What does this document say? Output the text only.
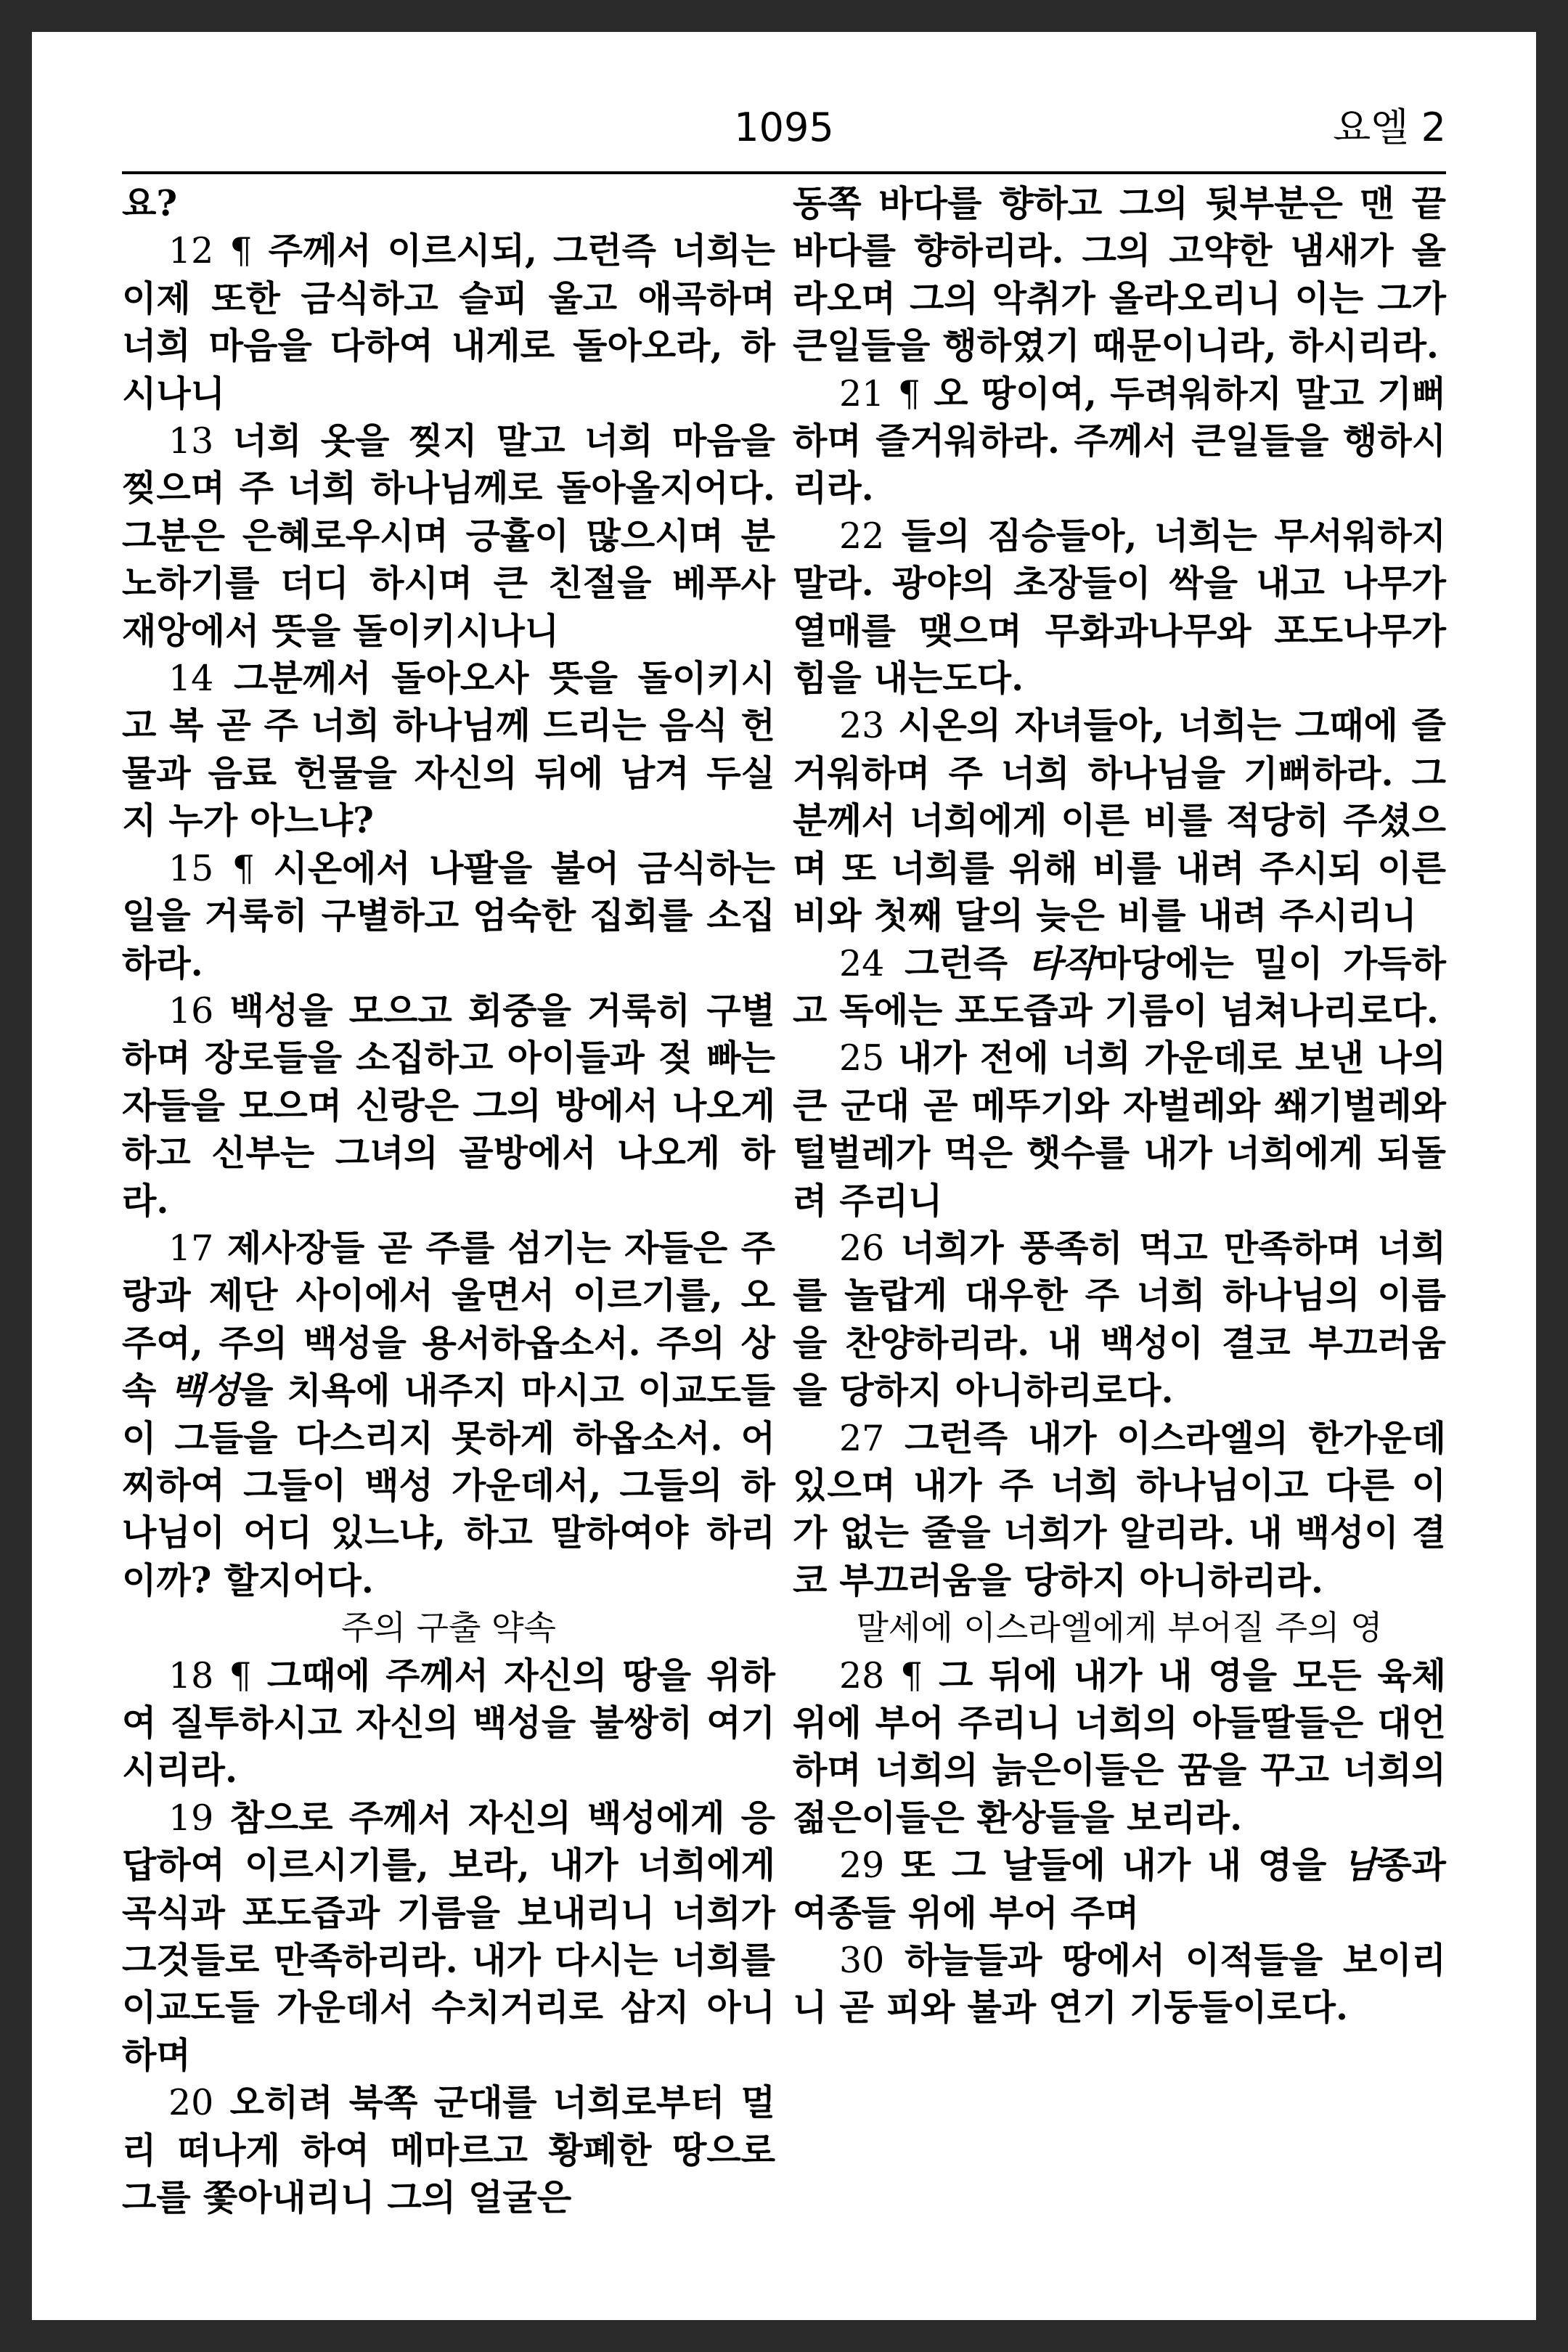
1095	요엘 2

요?

12 ¶ 주께서 이르시되, 그런즉 너희는 이제 또한 금식하고 슬피 울고 애곡하며 너희 마음을 다하여 내게로 돌아오라, 하시나니

13 너희 옷을 찢지 말고 너희 마음을 찢으며 주 너희 하나님께로 돌아올지어다. 그분은 은혜로우시며 긍휼이 많으시며 분노하기를 더디 하시며 큰 친절을 베푸사 재앙에서 뜻을 돌이키시나니

14 그분께서 돌아오사 뜻을 돌이키시고 복 곧 주 너희 하나님께 드리는 음식 헌물과 음료 헌물을 자신의 뒤에 남겨 두실지 누가 아느냐?

15 ¶ 시온에서 나팔을 불어 금식하는 일을 거룩히 구별하고 엄숙한 집회를 소집하라.

16 백성을 모으고 회중을 거룩히 구별하며 장로들을 소집하고 아이들과 젖 빠는 자들을 모으며 신랑은 그의 방에서 나오게 하고 신부는 그녀의 골방에서 나오게 하라.

17 제사장들 곧 주를 섬기는 자들은 주랑과 제단 사이에서 울면서 이르기를, 오 주여, 주의 백성을 용서하옵소서. 주의 상속 백성을 치욕에 내주지 마시고 이교도들이 그들을 다스리지 못하게 하옵소서. 어찌하여 그들이 백성 가운데서, 그들의 하나님이 어디 있느냐, 하고 말하여야 하리이까? 할지어다.

주의 구출 약속

18 ¶ 그때에 주께서 자신의 땅을 위하여 질투하시고 자신의 백성을 불쌍히 여기시리라.

19 참으로 주께서 자신의 백성에게 응답하여 이르시기를, 보라, 내가 너희에게 곡식과 포도즙과 기름을 보내리니 너희가 그것들로 만족하리라. 내가 다시는 너희를 이교도들 가운데서 수치거리로 삼지 아니하며

20 오히려 북쪽 군대를 너희로부터 멀리 떠나게 하여 메마르고 황폐한 땅으로 그를 쫓아내리니 그의 얼굴은

동쪽 바다를 향하고 그의 뒷부분은 맨 끝 바다를 향하리라. 그의 고약한 냄새가 올라오며 그의 악취가 올라오리니 이는 그가 큰일들을 행하였기 때문이니라, 하시리라.

21 ¶ 오 땅이여, 두려워하지 말고 기뻐하며 즐거워하라. 주께서 큰일들을 행하시리라.

22 들의 짐승들아, 너희는 무서워하지 말라. 광야의 초장들이 싹을 내고 나무가 열매를 맺으며 무화과나무와 포도나무가 힘을 내는도다.

23 시온의 자녀들아, 너희는 그때에 즐거워하며 주 너희 하나님을 기뻐하라. 그분께서 너희에게 이른 비를 적당히 주셨으며 또 너희를 위해 비를 내려 주시되 이른 비와 첫째 달의 늦은 비를 내려 주시리니

24 그런즉 타작마당에는 밀이 가득하고 독에는 포도즙과 기름이 넘쳐나리로다.

25 내가 전에 너희 가운데로 보낸 나의 큰 군대 곧 메뚜기와 자벌레와 쐐기벌레와 털벌레가 먹은 햇수를 내가 너희에게 되돌려 주리니

26 너희가 풍족히 먹고 만족하며 너희를 놀랍게 대우한 주 너희 하나님의 이름을 찬양하리라. 내 백성이 결코 부끄러움을 당하지 아니하리로다.

27 그런즉 내가 이스라엘의 한가운데 있으며 내가 주 너희 하나님이고 다른 이가 없는 줄을 너희가 알리라. 내 백성이 결코 부끄러움을 당하지 아니하리라.

말세에 이스라엘에게 부어질 주의 영

28 ¶ 그 뒤에 내가 내 영을 모든 육체 위에 부어 주리니 너희의 아들딸들은 대언하며 너희의 늙은이들은 꿈을 꾸고 너희의 젊은이들은 환상들을 보리라.

29 또 그 날들에 내가 내 영을 남종과 여종들 위에 부어 주며

30 하늘들과 땅에서 이적들을 보이리니 곧 피와 불과 연기 기둥들이로다.
